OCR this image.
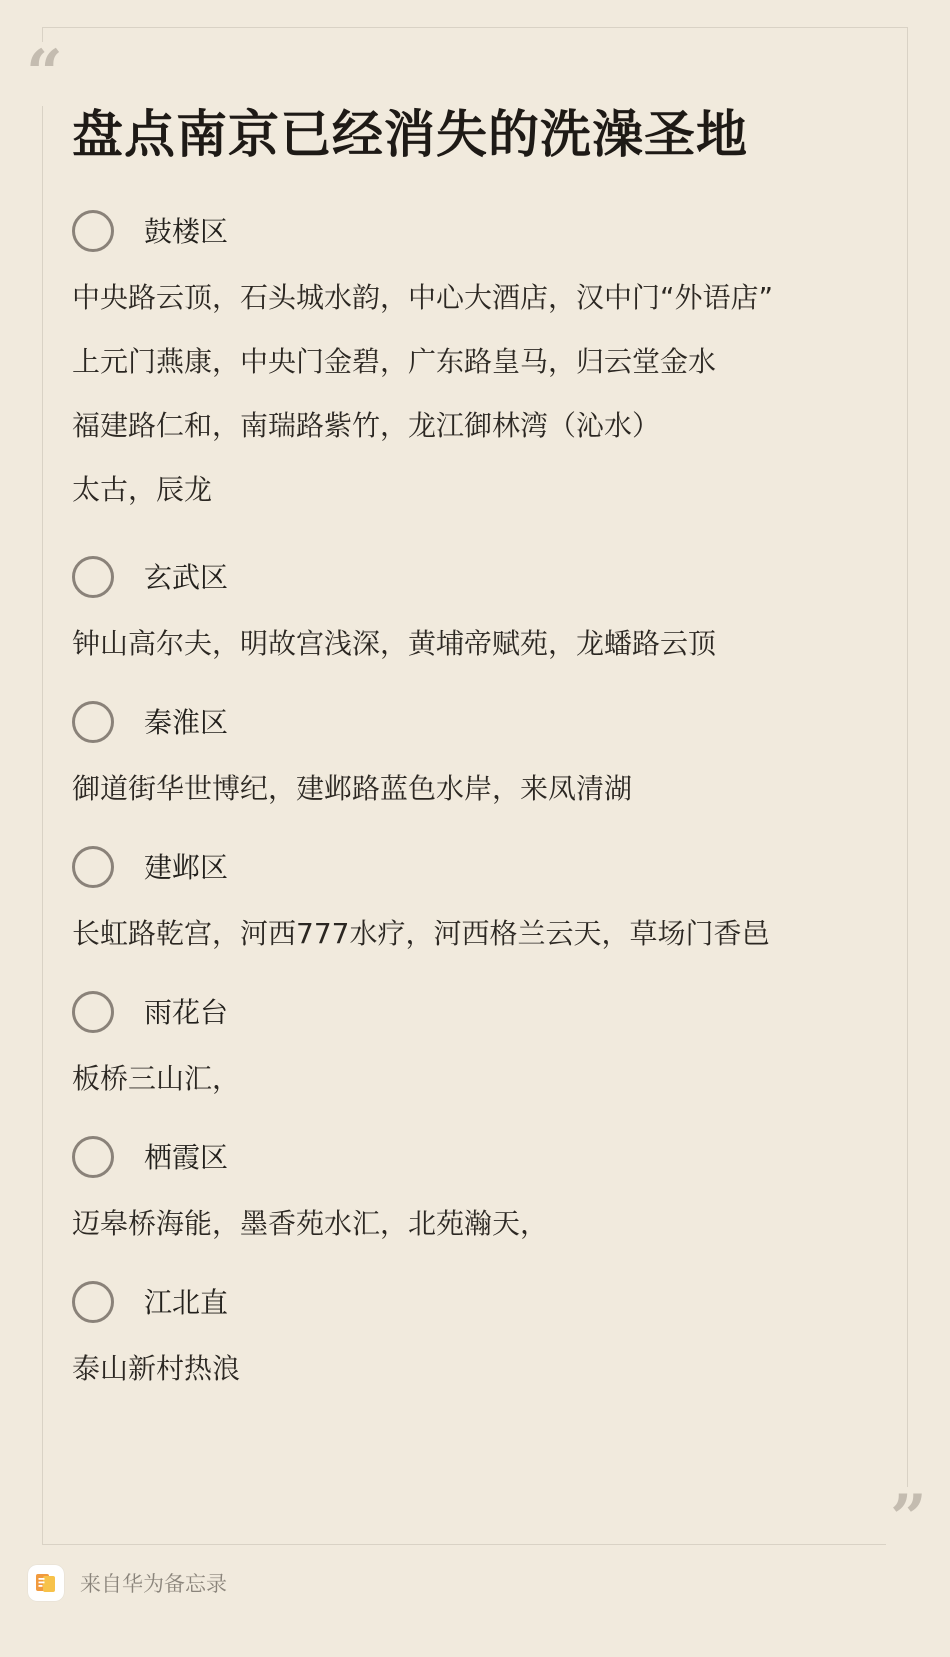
“
”
盘点南京已经消失的洗澡圣地
鼓楼区
中央路云顶，石头城水韵，中心大酒店，汉中门“外语店”
上元门燕康，中央门金碧，广东路皇马，归云堂金水
福建路仁和，南瑞路紫竹，龙江御林湾（沁水）
太古，辰龙
玄武区
钟山高尔夫，明故宫浅深，黄埔帝赋苑，龙蟠路云顶
秦淮区
御道街华世博纪，建邺路蓝色水岸，来凤清湖
建邺区
长虹路乾宫，河西777水疗，河西格兰云天，草场门香邑
雨花台
板桥三山汇，
栖霞区
迈皋桥海能，墨香苑水汇，北苑瀚天，
江北直
泰山新村热浪
来自华为备忘录
